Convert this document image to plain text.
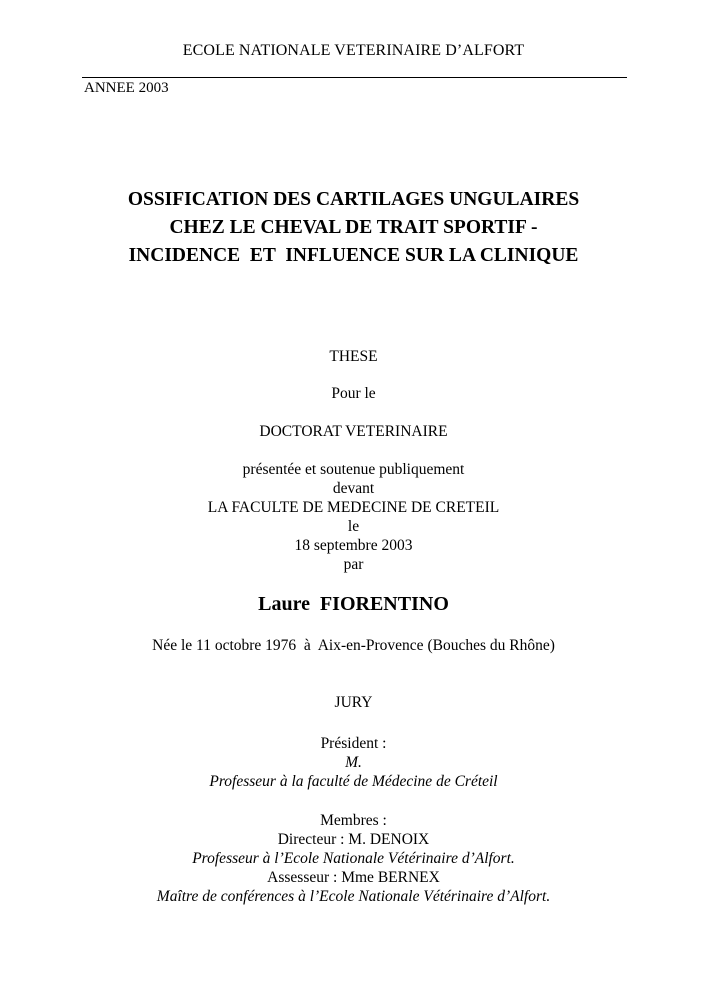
ECOLE NATIONALE VETERINAIRE D’ALFORT
ANNEE 2003
OSSIFICATION DES CARTILAGES UNGULAIRES
CHEZ LE CHEVAL DE TRAIT SPORTIF -
INCIDENCE  ET  INFLUENCE SUR LA CLINIQUE
THESE
Pour le
DOCTORAT VETERINAIRE
présentée et soutenue publiquement
devant
LA FACULTE DE MEDECINE DE CRETEIL
le
18 septembre 2003
par
Laure  FIORENTINO
Née le 11 octobre 1976  à  Aix-en-Provence (Bouches du Rhône)
JURY
Président :
M.
Professeur à la faculté de Médecine de Créteil
Membres :
Directeur : M. DENOIX
Professeur à l’Ecole Nationale Vétérinaire d’Alfort.
Assesseur : Mme BERNEX
Maître de conférences à l’Ecole Nationale Vétérinaire d’Alfort.
